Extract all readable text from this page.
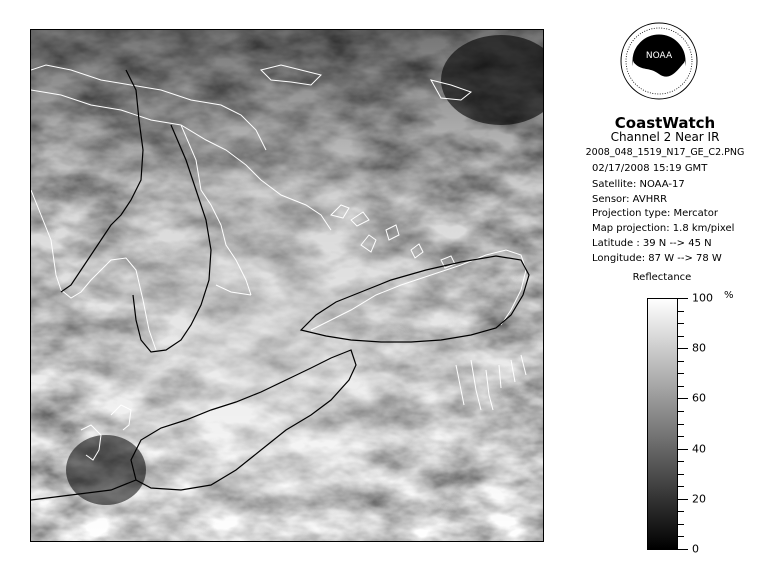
NOAA
CoastWatch
Channel 2 Near IR
2008_048_1519_N17_GE_C2.PNG
02/17/2008 15:19 GMT
Satellite: NOAA-17
Sensor: AVHRR
Projection type: Mercator
Map projection: 1.8 km/pixel
Latitude : 39 N --> 45 N
Longitude: 87 W --> 78 W
Reflectance
%
100
80
60
40
20
0
